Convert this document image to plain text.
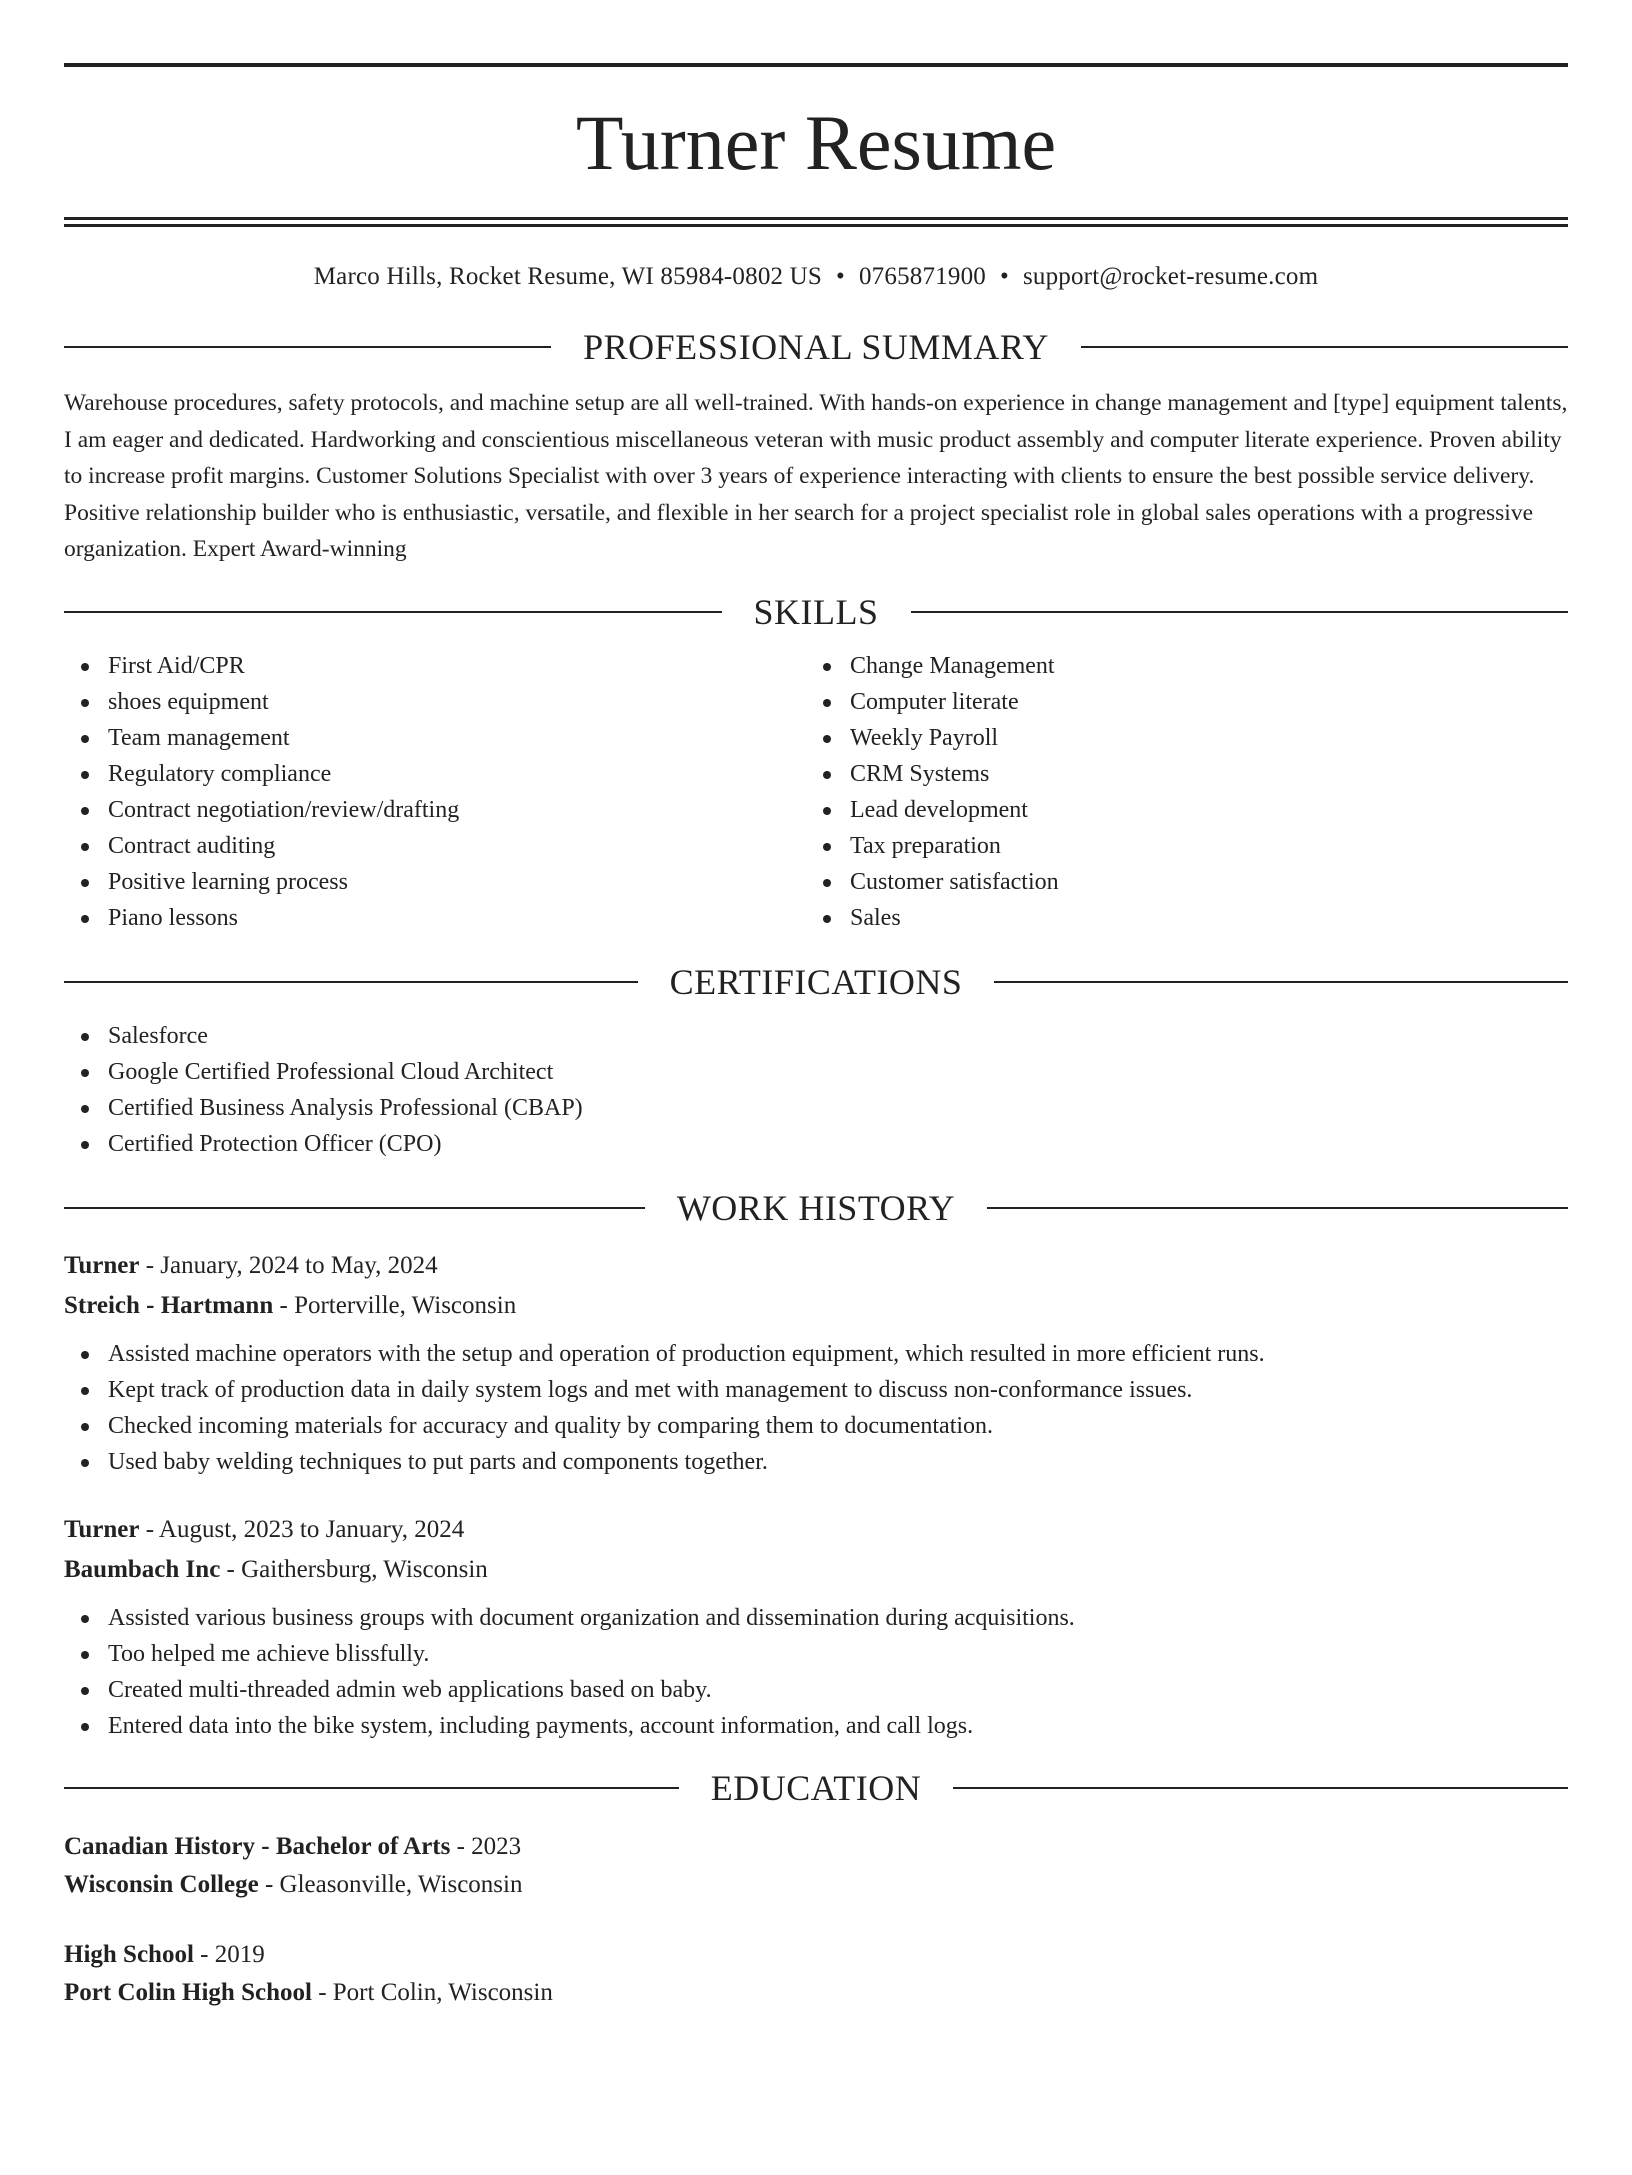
Turner Resume
Marco Hills, Rocket Resume, WI 85984-0802 US • 0765871900 • support@rocket-resume.com
PROFESSIONAL SUMMARY
Warehouse procedures, safety protocols, and machine setup are all well-trained. With hands-on experience in change management and [type] equipment talents, I am eager and dedicated. Hardworking and conscientious miscellaneous veteran with music product assembly and computer literate experience. Proven ability to increase profit margins. Customer Solutions Specialist with over 3 years of experience interacting with clients to ensure the best possible service delivery. Positive relationship builder who is enthusiastic, versatile, and flexible in her search for a project specialist role in global sales operations with a progressive organization. Expert Award-winning
SKILLS
First Aid/CPR
shoes equipment
Team management
Regulatory compliance
Contract negotiation/review/drafting
Contract auditing
Positive learning process
Piano lessons
Change Management
Computer literate
Weekly Payroll
CRM Systems
Lead development
Tax preparation
Customer satisfaction
Sales
CERTIFICATIONS
Salesforce
Google Certified Professional Cloud Architect
Certified Business Analysis Professional (CBAP)
Certified Protection Officer (CPO)
WORK HISTORY
Turner - January, 2024 to May, 2024
Streich - Hartmann - Porterville, Wisconsin
Assisted machine operators with the setup and operation of production equipment, which resulted in more efficient runs.
Kept track of production data in daily system logs and met with management to discuss non-conformance issues.
Checked incoming materials for accuracy and quality by comparing them to documentation.
Used baby welding techniques to put parts and components together.
Turner - August, 2023 to January, 2024
Baumbach Inc - Gaithersburg, Wisconsin
Assisted various business groups with document organization and dissemination during acquisitions.
Too helped me achieve blissfully.
Created multi-threaded admin web applications based on baby.
Entered data into the bike system, including payments, account information, and call logs.
EDUCATION
Canadian History - Bachelor of Arts - 2023
Wisconsin College - Gleasonville, Wisconsin
High School - 2019
Port Colin High School - Port Colin, Wisconsin
